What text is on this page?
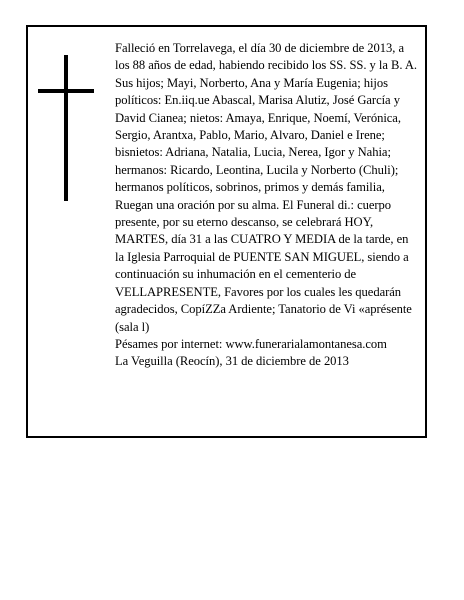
Falleció en Torrelavega, el día 30 de diciembre de 2013, a los 88 años de edad, habiendo recibido los SS. SS. y la B. A.

Sus hijos; Mayi, Norberto, Ana y María Eugenia; hijos políticos: En.iiq.ue Abascal, Marisa Alutiz, José García y David Cianea; nietos: Amaya, Enrique, Noemí, Verónica, Sergio, Arantxa, Pablo, Mario, Alvaro, Daniel e Irene; bisnietos: Adriana, Natalia, Lucia, Nerea, Igor y Nahia; hermanos: Ricardo, Leontina, Lucila y Norberto (Chuli); hermanos políticos, sobrinos, primos y demás familia,

Ruegan una oración por su alma. El Funeral di.: cuerpo presente, por su eterno descanso, se celebrará HOY, MARTES, día 31 a las CUATRO Y MEDIA de la tarde, en la Iglesia Parroquial de PUENTE SAN MIGUEL, siendo a continuación su inhumación en el cementerio de VELLAPRESENTE, Favores por los cuales les quedarán agradecidos, CopíZZa Ardiente; Tanatorio de Vi «aprésente (sala l)

Pésames por internet: www.funerarialamontanesa.com

La Veguilla (Reocín), 31 de diciembre de 2013
